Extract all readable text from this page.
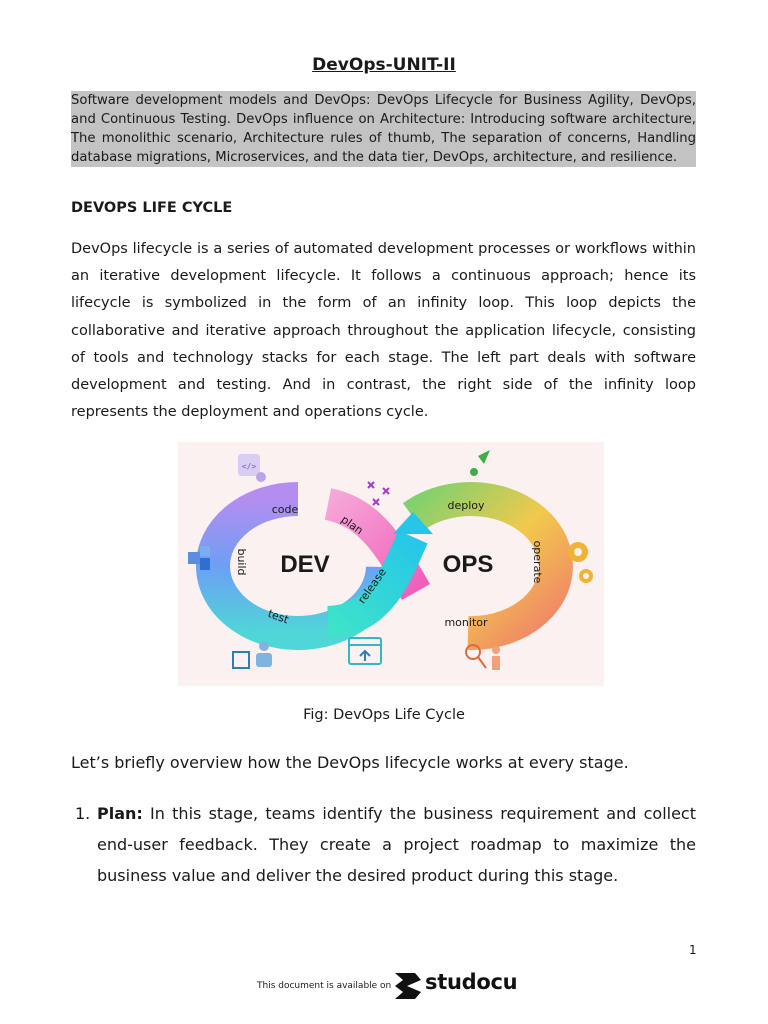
DevOps-UNIT-II

Software development models and DevOps: DevOps Lifecycle for Business Agility, DevOps, and Continuous Testing. DevOps influence on Architecture: Introducing software architecture, The monolithic scenario, Architecture rules of thumb, The separation of concerns, Handling database migrations, Microservices, and the data tier, DevOps, architecture, and resilience.

DEVOPS LIFE CYCLE

DevOps lifecycle is a series of automated development processes or workflows within an iterative development lifecycle. It follows a continuous approach; hence its lifecycle is symbolized in the form of an infinity loop. This loop depicts the collaborative and iterative approach throughout the application lifecycle, consisting of tools and technology stacks for each stage. The left part deals with software development and testing. And in contrast, the right side of the infinity loop represents the deployment and operations cycle.

DEV	OPS
code
plan
build
test
release
deploy
operate
monitor
</>
Fig: DevOps Life Cycle
Let’s briefly overview how the DevOps lifecycle works at every stage.
1. Plan: In this stage, teams identify the business requirement and collect end-user feedback. They create a project roadmap to maximize the business value and deliver the desired product during this stage.
1
This document is available on studocu
